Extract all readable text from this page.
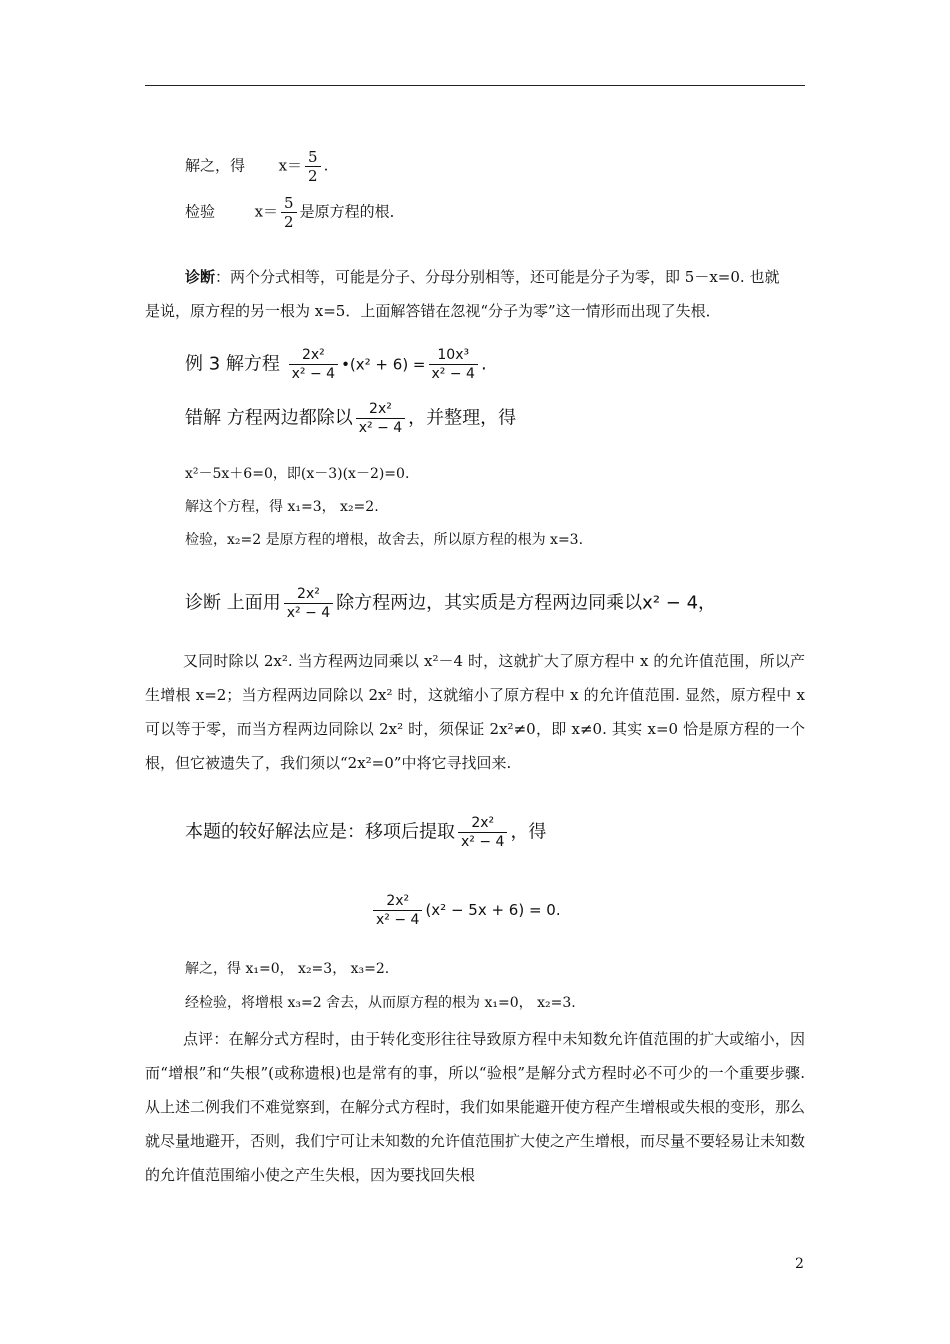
解之，得 $x= \frac{5}{2}$ .
检验	$x= \frac{5}{2}$ 是原方程的根．
诊断：两个分式相等，可能是分子、分母分别相等，还可能是分子为零，即 5－x=0. 也就
是说，原方程的另一根为 x=5．上面解答错在忽视“分子为零”这一情形而出现了失根．
例 3 解方程 $\frac{\text{2x²}}{\text{x² − 4}}$ •(x² + $6) = \frac{\text{10x³}}{\text{x² − 4}}$ .
错解 方程两边都除以 $\frac{\text{2x²}}{\text{x² − 4}}$ ，并整理，得
x²－5x＋6=0，即(x－3)(x－2)=0.
解这个方程，得 x₁=3， x₂=2.
检验，x₂=2 是原方程的增根，故舍去，所以原方程的根为 x=3.
诊断 上面用 $\frac{\text{2x²}}{\text{x² − 4}}$ 除方程两边，其实质是方程两边同乘以x² − 4，
又同时除以 2x². 当方程两边同乘以 x²－4 时，这就扩大了原方程中 x 的允许值范围，所以产生增根 x=2；当方程两边同除以 2x² 时，这就缩小了原方程中 x 的允许值范围. 显然，原方程中 x 可以等于零，而当方程两边同除以 2x² 时，须保证 2x²≠0，即 x≠0. 其实 x=0 恰是原方程的一个根，但它被遗失了，我们须以“2x²=0”中将它寻找回来.
本题的较好解法应是：移项后提取 $\frac{\text{2x²}}{\text{x² − 4}}$ ，得
$\frac{\text{2x²}}{\text{x² − 4}} (x^2 - 5x + 6) = 0$.
解之，得 x₁=0， x₂=3， x₃=2.
经检验，将增根 x₃=2 舍去，从而原方程的根为 x₁=0， x₂=3.
点评：在解分式方程时，由于转化变形往往导致原方程中未知数允许值范围的扩大或缩小，因而“增根”和“失根”(或称遗根)也是常有的事，所以“验根”是解分式方程时必不可少的一个重要步骤. 从上述二例我们不难觉察到，在解分式方程时，我们如果能避开使方程产生增根或失根的变形，那么就尽量地避开，否则，我们宁可让未知数的允许值范围扩大使之产生增根，而尽量不要轻易让未知数的允许值范围缩小使之产生失根，因为要找回失根
2
